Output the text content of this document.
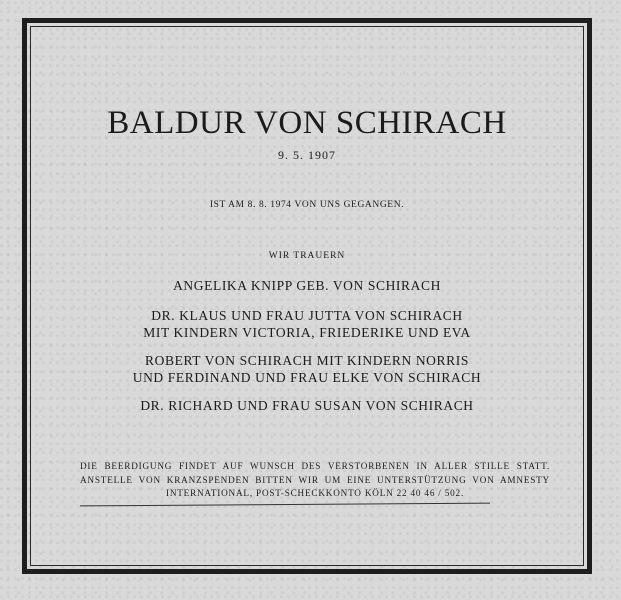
BALDUR VON SCHIRACH
9. 5. 1907
IST AM 8. 8. 1974 VON UNS GEGANGEN.
WIR TRAUERN
ANGELIKA KNIPP GEB. VON SCHIRACH
DR. KLAUS UND FRAU JUTTA VON SCHIRACH
MIT KINDERN VICTORIA, FRIEDERIKE UND EVA
ROBERT VON SCHIRACH MIT KINDERN NORRIS
UND FERDINAND UND FRAU ELKE VON SCHIRACH
DR. RICHARD UND FRAU SUSAN VON SCHIRACH
DIE BEERDIGUNG FINDET AUF WUNSCH DES VERSTORBENEN IN ALLER STILLE STATT. ANSTELLE VON KRANZSPENDEN BITTEN WIR UM EINE UNTERSTÜTZUNG VON AMNESTY INTERNATIONAL, POST-SCHECKKONTO KÖLN 22 40 46 / 502.
